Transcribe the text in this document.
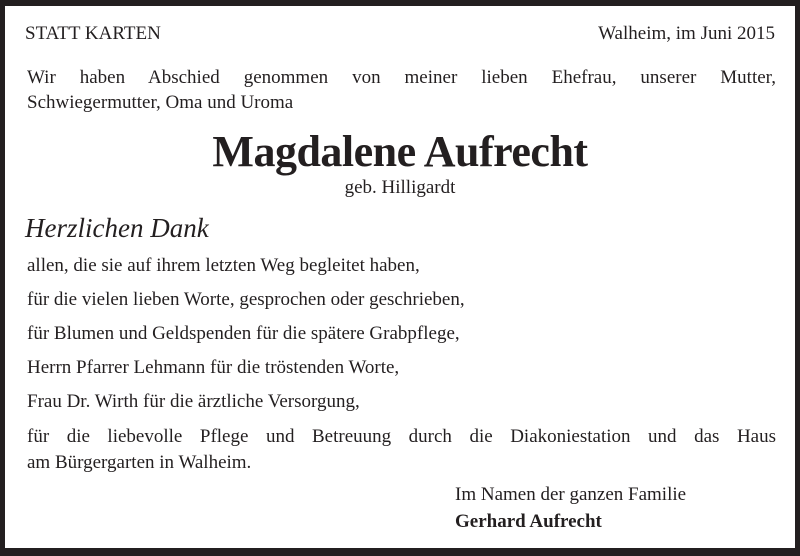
STATT KARTEN	Walheim, im Juni 2015
Wir haben Abschied genommen von meiner lieben Ehefrau, unserer Mutter,
Schwiegermutter, Oma und Uroma
Magdalene Aufrecht
geb. Hilligardt
Herzlichen Dank
allen, die sie auf ihrem letzten Weg begleitet haben,
für die vielen lieben Worte, gesprochen oder geschrieben,
für Blumen und Geldspenden für die spätere Grabpflege,
Herrn Pfarrer Lehmann für die tröstenden Worte,
Frau Dr. Wirth für die ärztliche Versorgung,
für die liebevolle Pflege und Betreuung durch die Diakoniestation und das Haus
am Bürgergarten in Walheim.
Im Namen der ganzen Familie
Gerhard Aufrecht
